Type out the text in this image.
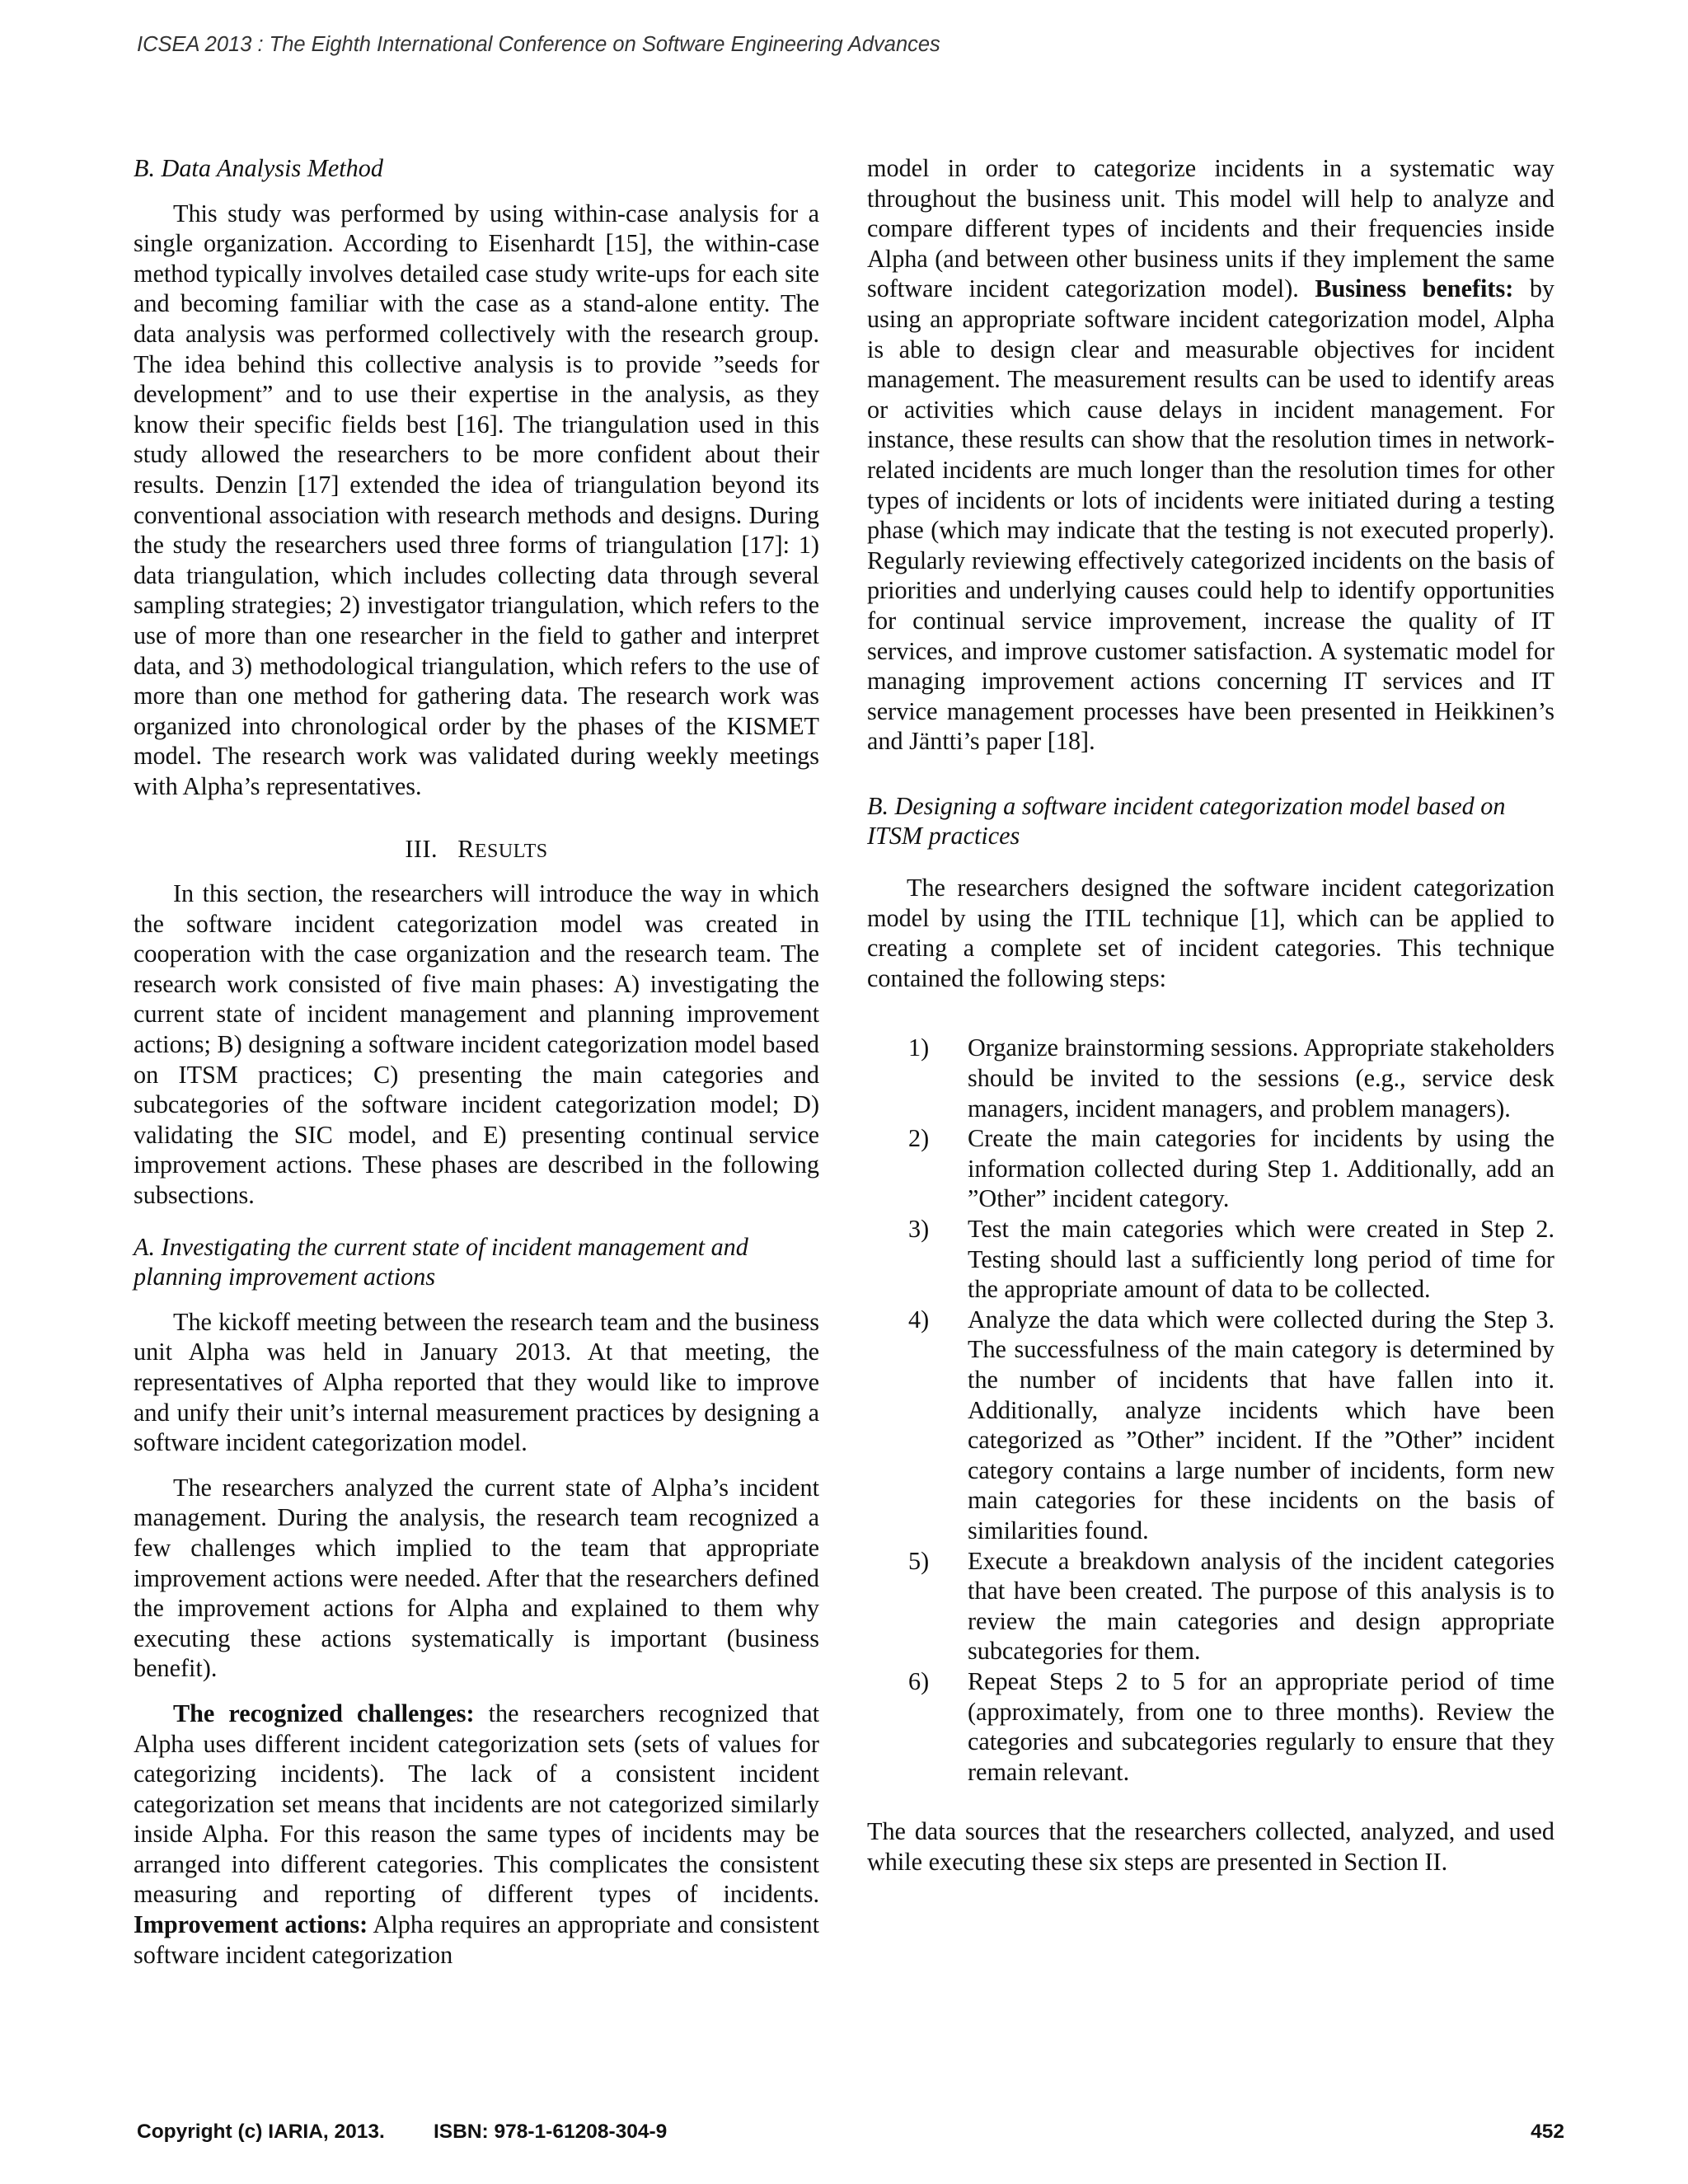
ICSEA 2013 : The Eighth International Conference on Software Engineering Advances

B. Data Analysis Method

This study was performed by using within-case analysis for a single organization. According to Eisenhardt [15], the within-case method typically involves detailed case study write-ups for each site and becoming familiar with the case as a stand-alone entity. The data analysis was performed collectively with the research group. The idea behind this collective analysis is to provide ”seeds for development” and to use their expertise in the analysis, as they know their specific fields best [16]. The triangulation used in this study allowed the researchers to be more confident about their results. Denzin [17] extended the idea of triangulation beyond its conventional association with research methods and designs. During the study the researchers used three forms of triangulation [17]: 1) data triangulation, which includes collecting data through several sampling strategies; 2) investigator triangulation, which refers to the use of more than one researcher in the field to gather and interpret data, and 3) methodological triangulation, which refers to the use of more than one method for gathering data. The research work was organized into chronological order by the phases of the KISMET model. The research work was validated during weekly meetings with Alpha’s representatives.

III. RESULTS

In this section, the researchers will introduce the way in which the software incident categorization model was created in cooperation with the case organization and the research team. The research work consisted of five main phases: A) investigating the current state of incident management and planning improvement actions; B) designing a software incident categorization model based on ITSM practices; C) presenting the main categories and subcategories of the software incident categorization model; D) validating the SIC model, and E) presenting continual service improvement actions. These phases are described in the following subsections.

A. Investigating the current state of incident management and planning improvement actions

The kickoff meeting between the research team and the business unit Alpha was held in January 2013. At that meeting, the representatives of Alpha reported that they would like to improve and unify their unit’s internal measurement practices by designing a software incident categorization model.

The researchers analyzed the current state of Alpha’s incident management. During the analysis, the research team recognized a few challenges which implied to the team that appropriate improvement actions were needed. After that the researchers defined the improvement actions for Alpha and explained to them why executing these actions systematically is important (business benefit).

The recognized challenges: the researchers recognized that Alpha uses different incident categorization sets (sets of values for categorizing incidents). The lack of a consistent incident categorization set means that incidents are not categorized similarly inside Alpha. For this reason the same types of incidents may be arranged into different categories. This complicates the consistent measuring and reporting of different types of incidents. Improvement actions: Alpha requires an appropriate and consistent software incident categorization

model in order to categorize incidents in a systematic way throughout the business unit. This model will help to analyze and compare different types of incidents and their frequencies inside Alpha (and between other business units if they implement the same software incident categorization model). Business benefits: by using an appropriate software incident categorization model, Alpha is able to design clear and measurable objectives for incident management. The measurement results can be used to identify areas or activities which cause delays in incident management. For instance, these results can show that the resolution times in network-related incidents are much longer than the resolution times for other types of incidents or lots of incidents were initiated during a testing phase (which may indicate that the testing is not executed properly). Regularly reviewing effectively categorized incidents on the basis of priorities and underlying causes could help to identify opportunities for continual service improvement, increase the quality of IT services, and improve customer satisfaction. A systematic model for managing improvement actions concerning IT services and IT service management processes have been presented in Heikkinen’s and Jäntti’s paper [18].

B. Designing a software incident categorization model based on ITSM practices

The researchers designed the software incident categorization model by using the ITIL technique [1], which can be applied to creating a complete set of incident categories. This technique contained the following steps:

1) Organize brainstorming sessions. Appropriate stakeholders should be invited to the sessions (e.g., service desk managers, incident managers, and problem managers).
2) Create the main categories for incidents by using the information collected during Step 1. Additionally, add an ”Other” incident category.
3) Test the main categories which were created in Step 2. Testing should last a sufficiently long period of time for the appropriate amount of data to be collected.
4) Analyze the data which were collected during the Step 3. The successfulness of the main category is determined by the number of incidents that have fallen into it. Additionally, analyze incidents which have been categorized as ”Other” incident. If the ”Other” incident category contains a large number of incidents, form new main categories for these incidents on the basis of similarities found.
5) Execute a breakdown analysis of the incident categories that have been created. The purpose of this analysis is to review the main categories and design appropriate subcategories for them.
6) Repeat Steps 2 to 5 for an appropriate period of time (approximately, from one to three months). Review the categories and subcategories regularly to ensure that they remain relevant.

The data sources that the researchers collected, analyzed, and used while executing these six steps are presented in Section II.

Copyright (c) IARIA, 2013. ISBN: 978-1-61208-304-9	452
